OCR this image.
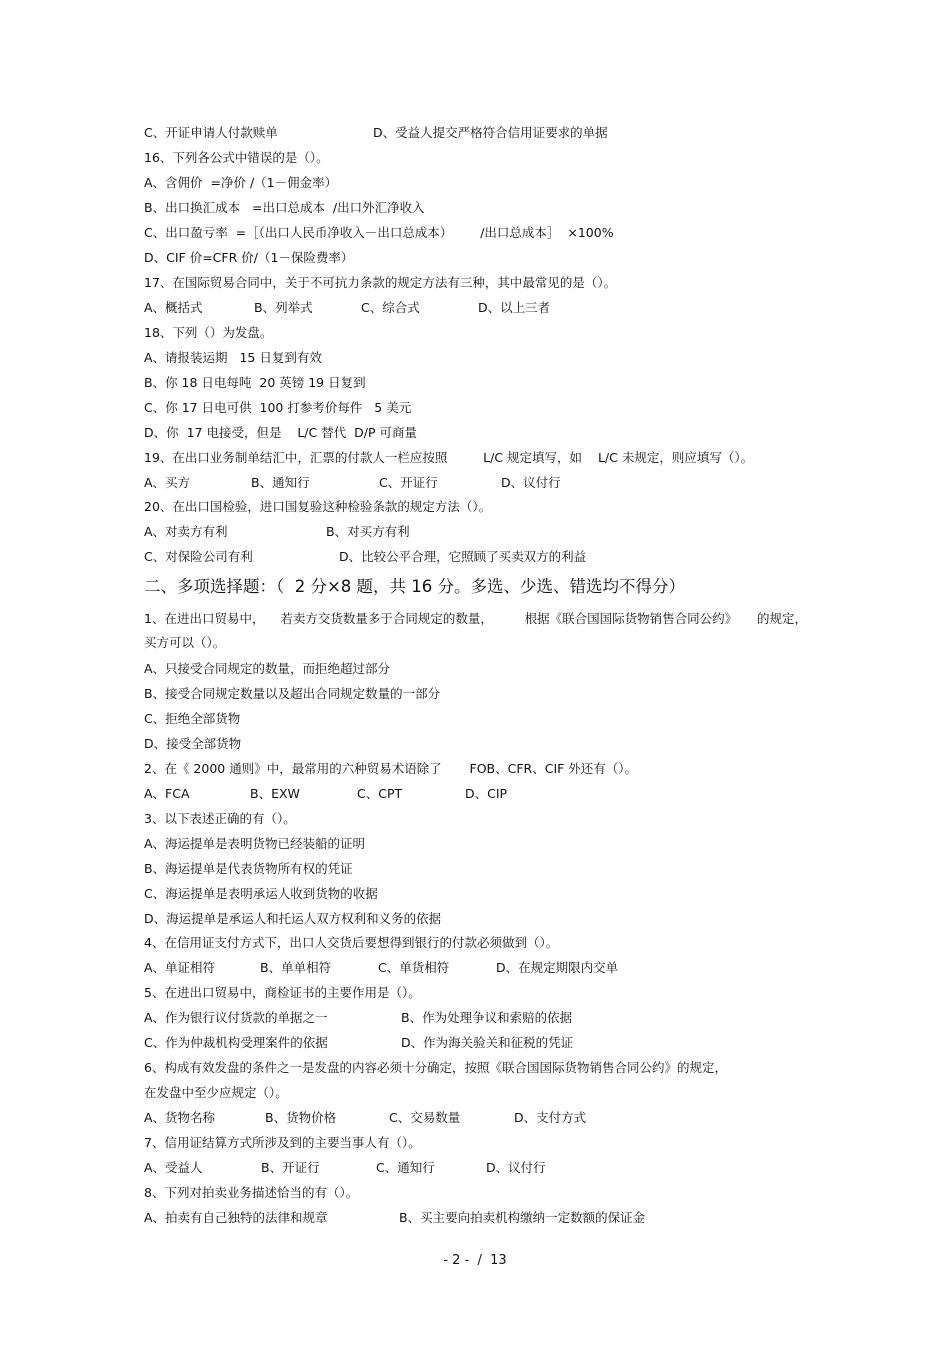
C、开证申请人付款赎单

	D、受益人提交严格符合信用证要求的单据

16、下列各公式中错误的是（）。
A、含佣价  =净价 /（1－佣金率）
B、出口换汇成本   =出口总成本  /出口外汇净收入
C、出口盈亏率  =［（出口人民币净收入－出口总成本）       /出口总成本］  ×100%
D、CIF 价=CFR 价/（1－保险费率）
17、在国际贸易合同中，关于不可抗力条款的规定方法有三种，其中最常见的是（）。

A、概括式

	B、列举式

	C、综合式

	D、以上三者

18、下列（）为发盘。
A、请报装运期   15 日复到有效
B、你 18 日电每吨  20 英镑 19 日复到
C、你 17 日电可供  100 打参考价每件   5 美元
D、你  17 电接受，但是    L/C 替代  D/P 可商量
19、在出口业务制单结汇中，汇票的付款人一栏应按照         L/C 规定填写，如    L/C 未规定，则应填写（）。

A、买方

	B、通知行

	C、开证行

	D、议付行

20、在出口国检验，进口国复验这种检验条款的规定方法（）。

A、对卖方有利

	B、对买方有利

C、对保险公司有利

	D、比较公平合理，它照顾了买卖双方的利益

二、多项选择题：（  2 分×8 题，共 16 分。多选、少选、错选均不得分）
1、在进出口贸易中，    若卖方交货数量多于合同规定的数量，        根据《联合国国际货物销售合同公约》     的规定，
买方可以（）。
A、只接受合同规定的数量，而拒绝超过部分
B、接受合同规定数量以及超出合同规定数量的一部分
C、拒绝全部货物
D、接受全部货物
2、在《 2000 通则》中，最常用的六种贸易术语除了       FOB、CFR、CIF 外还有（）。

A、FCA

	B、EXW

	C、CPT

	D、CIP

3、以下表述正确的有（）。
A、海运提单是表明货物已经装船的证明
B、海运提单是代表货物所有权的凭证
C、海运提单是表明承运人收到货物的收据
D、海运提单是承运人和托运人双方权利和义务的依据
4、在信用证支付方式下，出口人交货后要想得到银行的付款必须做到（）。

A、单证相符

	B、单单相符

	C、单货相符

	D、在规定期限内交单

5、在进出口贸易中，商检证书的主要作用是（）。

A、作为银行议付货款的单据之一

	B、作为处理争议和索赔的依据

C、作为仲裁机构受理案件的依据

	D、作为海关验关和征税的凭证

6、构成有效发盘的条件之一是发盘的内容必须十分确定，按照《联合国国际货物销售合同公约》的规定，
在发盘中至少应规定（）。

A、货物名称

	B、货物价格

	C、交易数量

	D、支付方式

7、信用证结算方式所涉及到的主要当事人有（）。

A、受益人

	B、开证行

	C、通知行

	D、议付行

8、下列对拍卖业务描述恰当的有（）。

A、拍卖有自己独特的法律和规章

	B、买主要向拍卖机构缴纳一定数额的保证金

- 2 -  /  13
